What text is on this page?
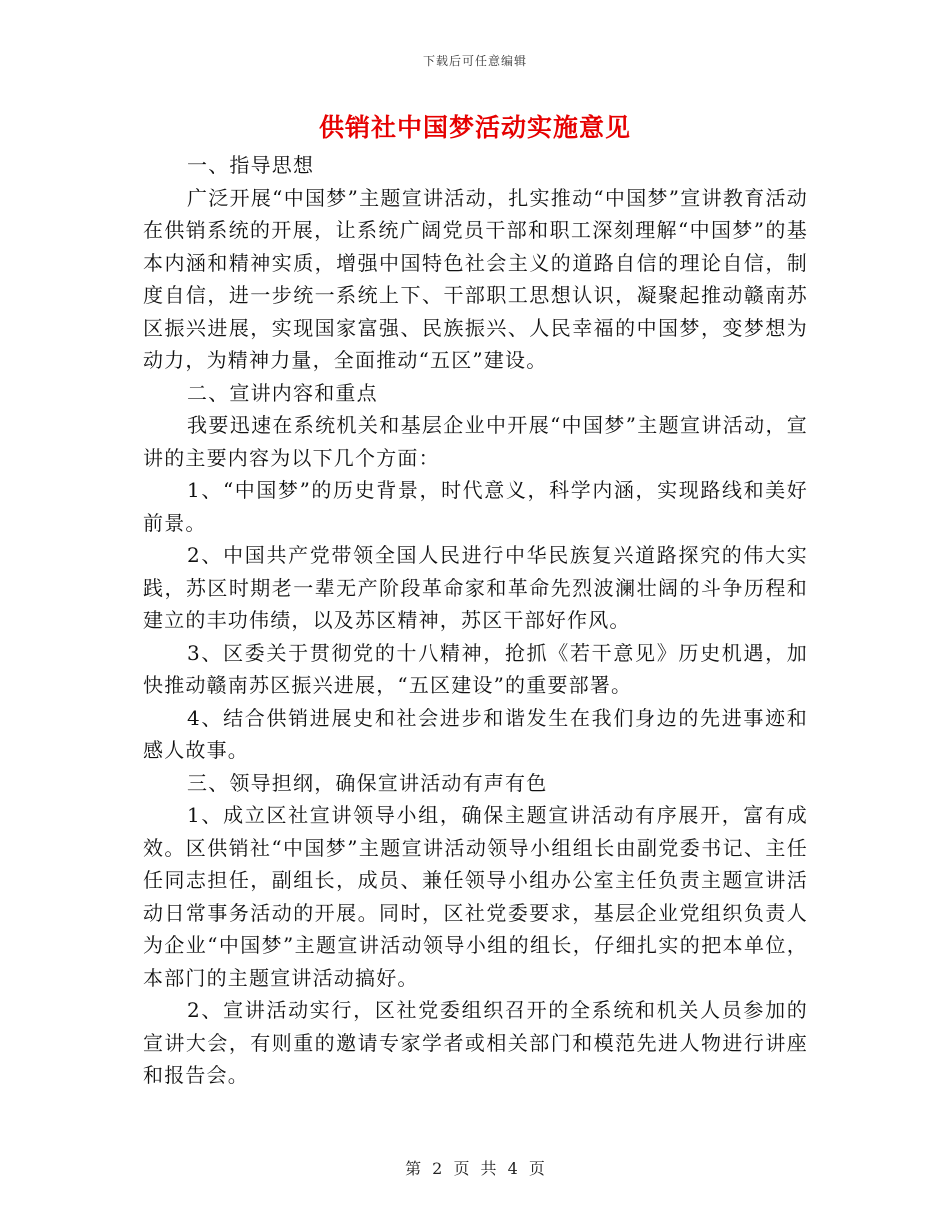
下载后可任意编辑
供销社中国梦活动实施意见

一、指导思想

广泛开展“中国梦”主题宣讲活动，扎实推动“中国梦”宣讲教育活动在供销系统的开展，让系统广阔党员干部和职工深刻理解“中国梦”的基本内涵和精神实质，增强中国特色社会主义的道路自信的理论自信，制度自信，进一步统一系统上下、干部职工思想认识，凝聚起推动赣南苏区振兴进展，实现国家富强、民族振兴、人民幸福的中国梦，变梦想为动力，为精神力量，全面推动“五区”建设。

二、宣讲内容和重点

我要迅速在系统机关和基层企业中开展“中国梦”主题宣讲活动，宣讲的主要内容为以下几个方面：

1、“中国梦”的历史背景，时代意义，科学内涵，实现路线和美好前景。

2、中国共产党带领全国人民进行中华民族复兴道路探究的伟大实践，苏区时期老一辈无产阶段革命家和革命先烈波澜壮阔的斗争历程和建立的丰功伟绩，以及苏区精神，苏区干部好作风。

3、区委关于贯彻党的十八精神，抢抓《若干意见》历史机遇，加快推动赣南苏区振兴进展，“五区建设”的重要部署。

4、结合供销进展史和社会进步和谐发生在我们身边的先进事迹和感人故事。

三、领导担纲，确保宣讲活动有声有色

1、成立区社宣讲领导小组，确保主题宣讲活动有序展开，富有成效。区供销社“中国梦”主题宣讲活动领导小组组长由副党委书记、主任任同志担任，副组长，成员、兼任领导小组办公室主任负责主题宣讲活动日常事务活动的开展。同时，区社党委要求，基层企业党组织负责人为企业“中国梦”主题宣讲活动领导小组的组长，仔细扎实的把本单位，本部门的主题宣讲活动搞好。

2、宣讲活动实行，区社党委组织召开的全系统和机关人员参加的宣讲大会，有则重的邀请专家学者或相关部门和模范先进人物进行讲座和报告会。

第 2 页 共 4 页
